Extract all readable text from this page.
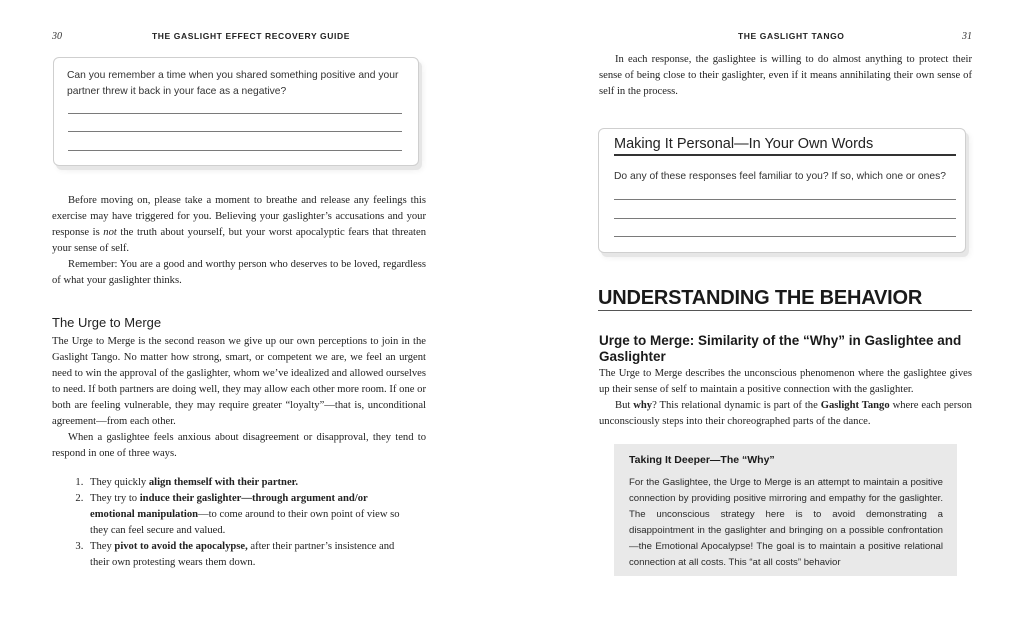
30	THE GASLIGHT EFFECT RECOVERY GUIDE
Can you remember a time when you shared something positive and your partner threw it back in your face as a negative?

Before moving on, please take a moment to breathe and release any feelings this exercise may have triggered for you. Believing your gaslighter’s accusations and your response is not the truth about yourself, but your worst apocalyptic fears that threaten your sense of self.

Remember: You are a good and worthy person who deserves to be loved, regardless of what your gaslighter thinks.

The Urge to Merge

The Urge to Merge is the second reason we give up our own perceptions to join in the Gaslight Tango. No matter how strong, smart, or competent we are, we feel an urgent need to win the approval of the gaslighter, whom we’ve idealized and allowed ourselves to need. If both partners are doing well, they may allow each other more room. If one or both are feeling vulnerable, they may require greater “loyalty”—that is, unconditional agreement—from each other.

When a gaslightee feels anxious about disagreement or disapproval, they tend to respond in one of three ways.

1. They quickly align themself with their partner.
2. They try to induce their gaslighter—through argument and/or emotional manipulation—to come around to their own point of view so they can feel secure and valued.
3. They pivot to avoid the apocalypse, after their partner’s insistence and their own protesting wears them down.
THE GASLIGHT TANGO	31

In each response, the gaslightee is willing to do almost anything to protect their sense of being close to their gaslighter, even if it means annihilating their own sense of self in the process.

Making It Personal—In Your Own Words
Do any of these responses feel familiar to you? If so, which one or ones?
UNDERSTANDING THE BEHAVIOR
Urge to Merge: Similarity of the “Why” in Gaslightee and Gaslighter

The Urge to Merge describes the unconscious phenomenon where the gaslightee gives up their sense of self to maintain a positive connection with the gaslighter.

But why? This relational dynamic is part of the Gaslight Tango where each person unconsciously steps into their choreographed parts of the dance.

Taking It Deeper—The “Why”
For the Gaslightee, the Urge to Merge is an attempt to maintain a positive connection by providing positive mirroring and empathy for the gaslighter. The unconscious strategy here is to avoid demonstrating a disappointment in the gaslighter and bringing on a possible confrontation—the Emotional Apocalypse! The goal is to maintain a positive relational connection at all costs. This “at all costs” behavior
